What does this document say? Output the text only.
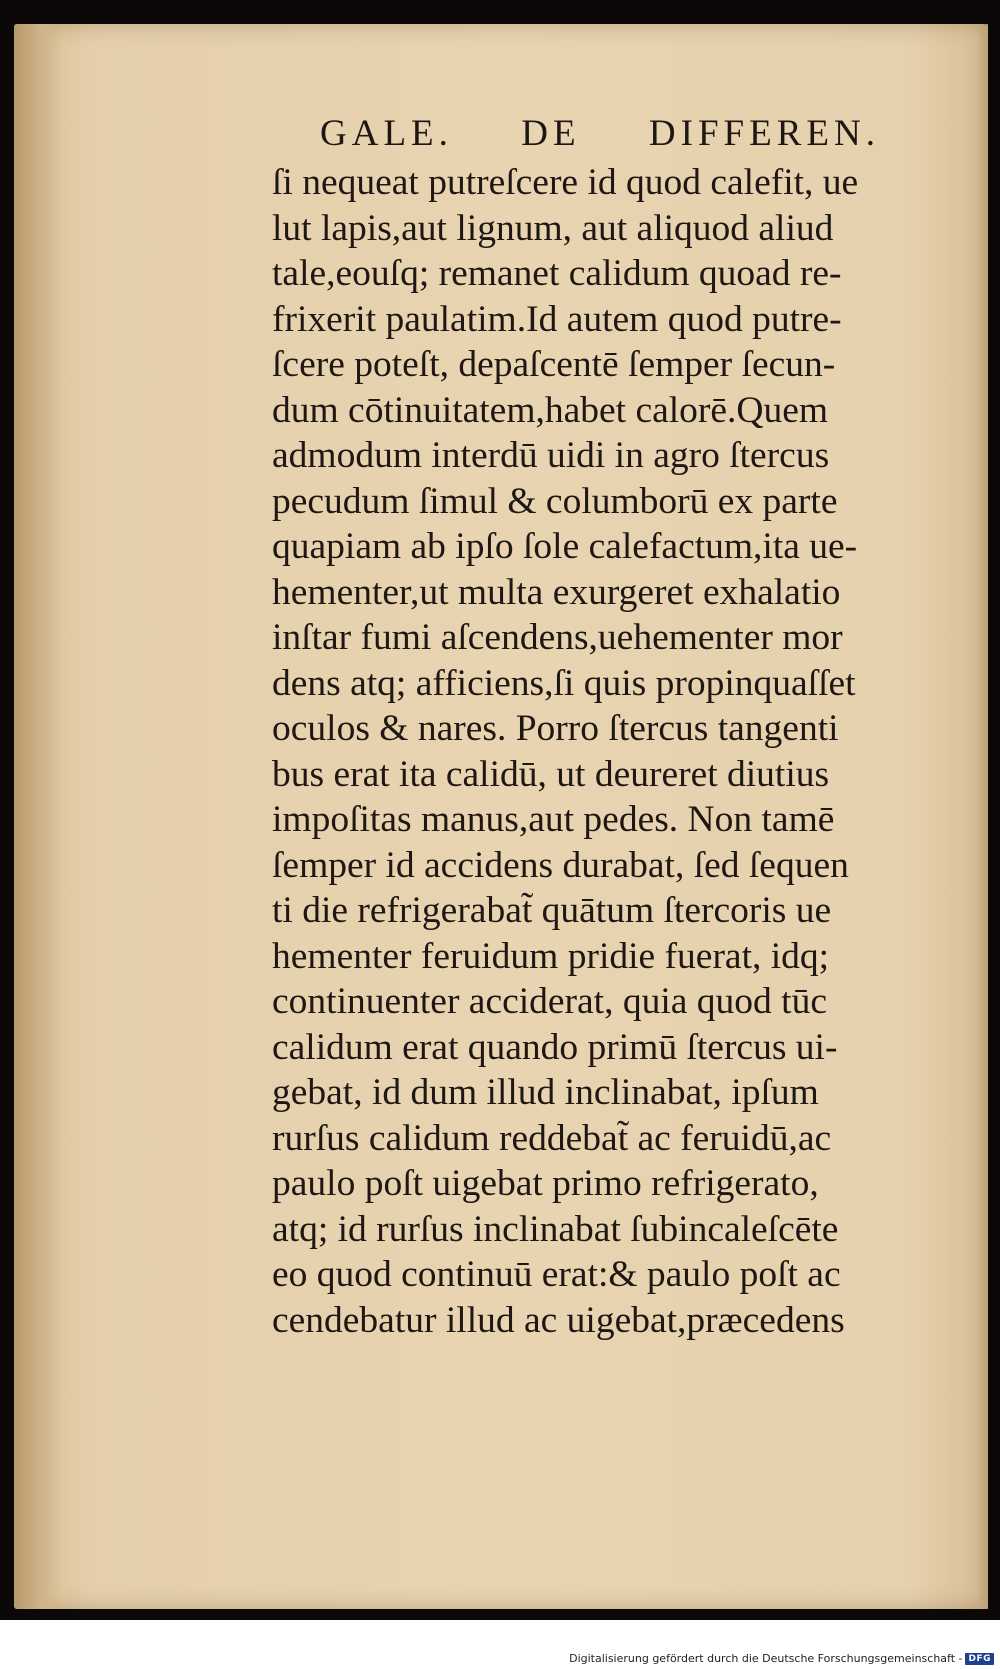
GALE. DE DIFFEREN.
ſi nequeat putreſcere id quod calefit, ue
lut lapis,aut lignum, aut aliquod aliud
tale,eouſq; remanet calidum quoad re-
frixerit paulatim.Id autem quod putre-
ſcere poteſt, depaſcentē ſemper ſecun-
dum cōtinuitatem,habet calorē.Quem
admodum interdū uidi in agro ſtercus
pecudum ſimul & columborū ex parte
quapiam ab ipſo ſole calefactum,ita ue-
hementer,ut multa exurgeret exhalatio
inſtar fumi aſcendens,uehementer mor
dens atq; afficiens,ſi quis propinquaſſet
oculos & nares. Porro ſtercus tangenti
bus erat ita calidū, ut deureret diutius
impoſitas manus,aut pedes. Non tamē
ſemper id accidens durabat, ſed ſequen
ti die refrigerabat̃ quātum ſtercoris ue
hementer feruidum pridie fuerat, idq;
continuenter acciderat, quia quod tūc
calidum erat quando primū ſtercus ui-
gebat, id dum illud inclinabat, ipſum
rurſus calidum reddebat̃ ac feruidū,ac
paulo poſt uigebat primo refrigerato,
atq; id rurſus inclinabat ſubincaleſcēte
eo quod continuū erat:& paulo poſt ac
cendebatur illud ac uigebat,præcedens
Digitalisierung gefördert durch die Deutsche Forschungsgemeinschaft - DFG
